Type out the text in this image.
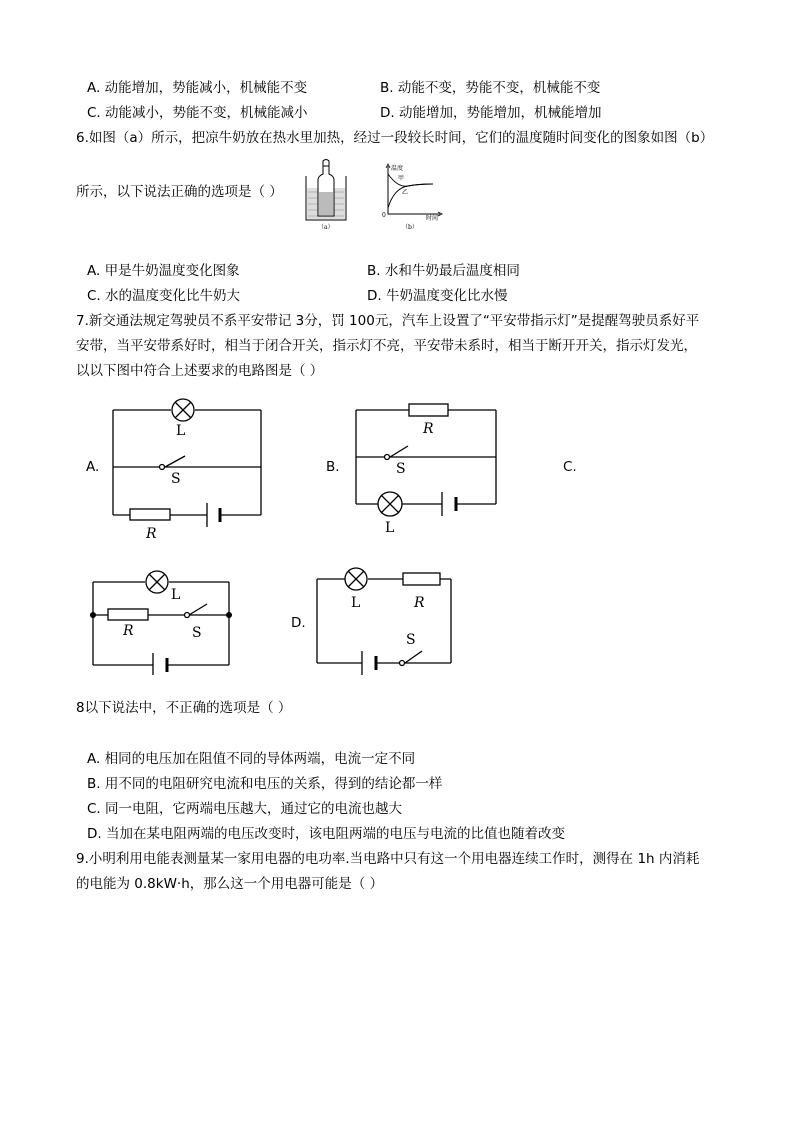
A. 动能增加，势能减小，机械能不变	B. 动能不变，势能不变，机械能不变
C. 动能减小，势能不变，机械能减小	D. 动能增加，势能增加，机械能增加
6.如图（a）所示，把凉牛奶放在热水里加热，经过一段较长时间，它们的温度随时间变化的图象如图（b）
所示，以下说法正确的选项是（ ）
（a）
温度
甲
乙
0	时间
（b）
A. 甲是牛奶温度变化图象	B. 水和牛奶最后温度相同
C. 水的温度变化比牛奶大	D. 牛奶温度变化比水慢
7.新交通法规定驾驶员不系平安带记 3分，罚 100元，汽车上设置了“平安带指示灯”是提醒驾驶员系好平
安带，当平安带系好时，相当于闭合开关，指示灯不亮，平安带未系时，相当于断开开关，指示灯发光，
以以下图中符合上述要求的电路图是（ ）
A.	B.	C.
D.
L
S
R
R
S
L
L
R	S
L	R
S
8以下说法中，不正确的选项是（ ）
A. 相同的电压加在阻值不同的导体两端，电流一定不同
B. 用不同的电阻研究电流和电压的关系，得到的结论都一样
C. 同一电阻，它两端电压越大，通过它的电流也越大
D. 当加在某电阻两端的电压改变时，该电阻两端的电压与电流的比值也随着改变
9.小明利用电能表测量某一家用电器的电功率.当电路中只有这一个用电器连续工作时，测得在 1h 内消耗
的电能为 0.8kW·h，那么这一个用电器可能是（ ）
